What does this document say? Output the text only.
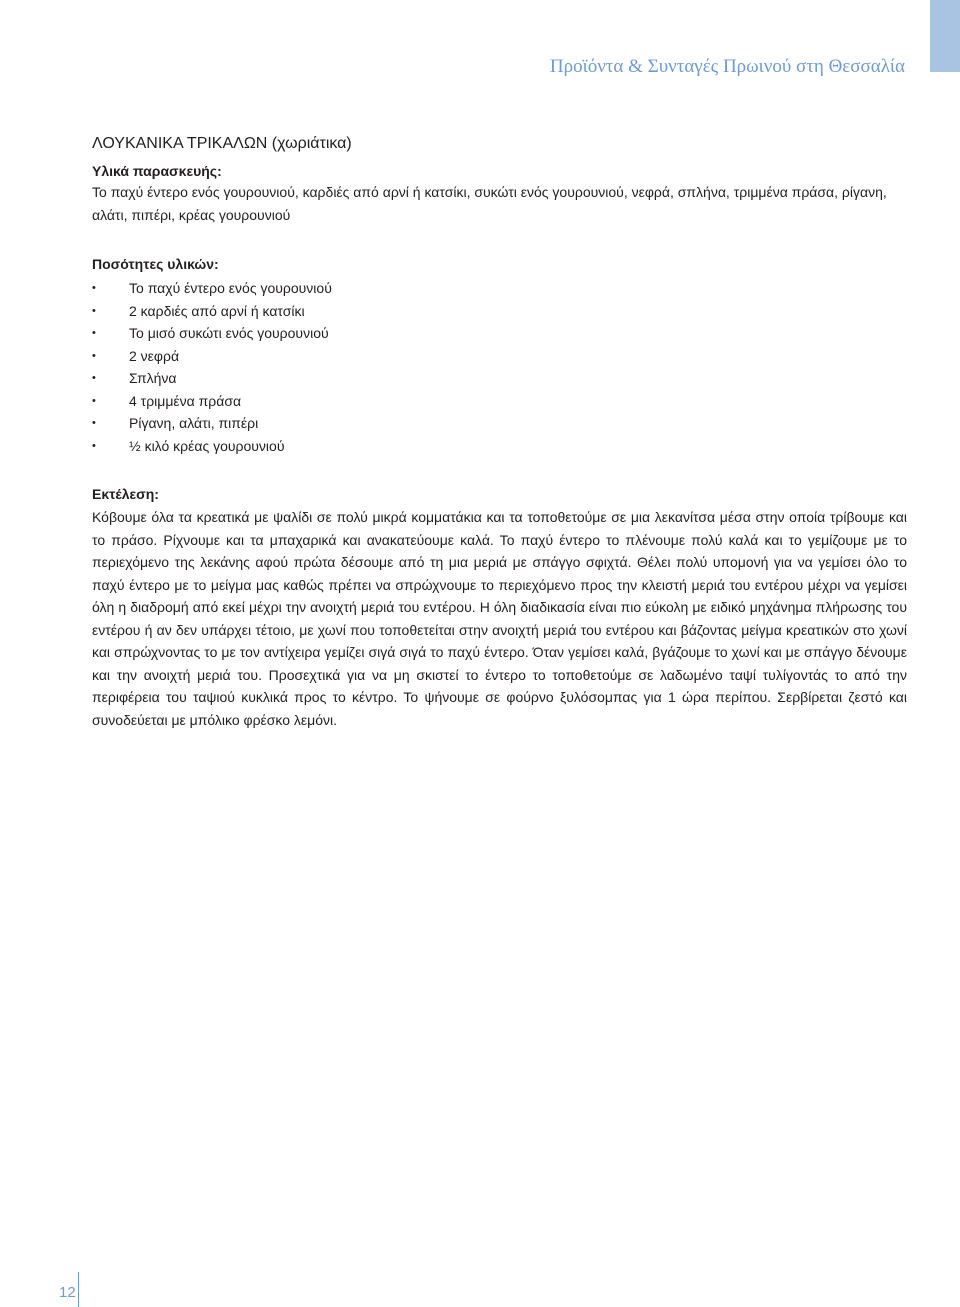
Προϊόντα & Συνταγές Πρωινού στη Θεσσαλία
ΛΟΥΚΑΝΙΚΑ ΤΡΙΚΑΛΩΝ (χωριάτικα)
Υλικά παρασκευής:

Το παχύ έντερο ενός γουρουνιού, καρδιές από αρνί ή κατσίκι, συκώτι ενός γουρουνιού, νεφρά, σπλήνα, τριμμένα πράσα, ρίγανη, αλάτι, πιπέρι, κρέας γουρουνιού

Ποσότητες υλικών:
• Το παχύ έντερο ενός γουρουνιού
• 2 καρδιές από αρνί ή κατσίκι
• Το μισό συκώτι ενός γουρουνιού
• 2 νεφρά
• Σπλήνα
• 4 τριμμένα πράσα
• Ρίγανη, αλάτι, πιπέρι
• ½ κιλό κρέας γουρουνιού
Εκτέλεση:

Κόβουμε όλα τα κρεατικά με ψαλίδι σε πολύ μικρά κομματάκια και τα τοποθετούμε σε μια λεκανίτσα μέσα στην οποία τρίβουμε και το πράσο. Ρίχνουμε και τα μπαχαρικά και ανακατεύουμε καλά. Το παχύ έντερο το πλένουμε πολύ καλά και το γεμίζουμε με το περιεχόμενο της λεκάνης αφού πρώτα δέσουμε από τη μια μεριά με σπάγγο σφιχτά. Θέλει πολύ υπομονή για να γεμίσει όλο το παχύ έντερο με το μείγμα μας καθώς πρέπει να σπρώχνουμε το περιεχόμενο προς την κλειστή μεριά του εντέρου μέχρι να γεμίσει όλη η διαδρομή από εκεί μέχρι την ανοιχτή μεριά του εντέρου. Η όλη διαδικασία είναι πιο εύκολη με ειδικό μηχάνημα πλήρωσης του εντέρου ή αν δεν υπάρχει τέτοιο, με χωνί που τοποθετείται στην ανοιχτή μεριά του εντέρου και βάζοντας μείγμα κρεατικών στο χωνί και σπρώχνοντας το με τον αντίχειρα γεμίζει σιγά σιγά το παχύ έντερο. Όταν γεμίσει καλά, βγάζουμε το χωνί και με σπάγγο δένουμε και την ανοιχτή μεριά του. Προσεχτικά για να μη σκιστεί το έντερο το τοποθετούμε σε λαδωμένο ταψί τυλίγοντάς το από την περιφέρεια του ταψιού κυκλικά προς το κέντρο. Το ψήνουμε σε φούρνο ξυλόσομπας για 1 ώρα περίπου. Σερβίρεται ζεστό και συνοδεύεται με μπόλικο φρέσκο λεμόνι.

12
